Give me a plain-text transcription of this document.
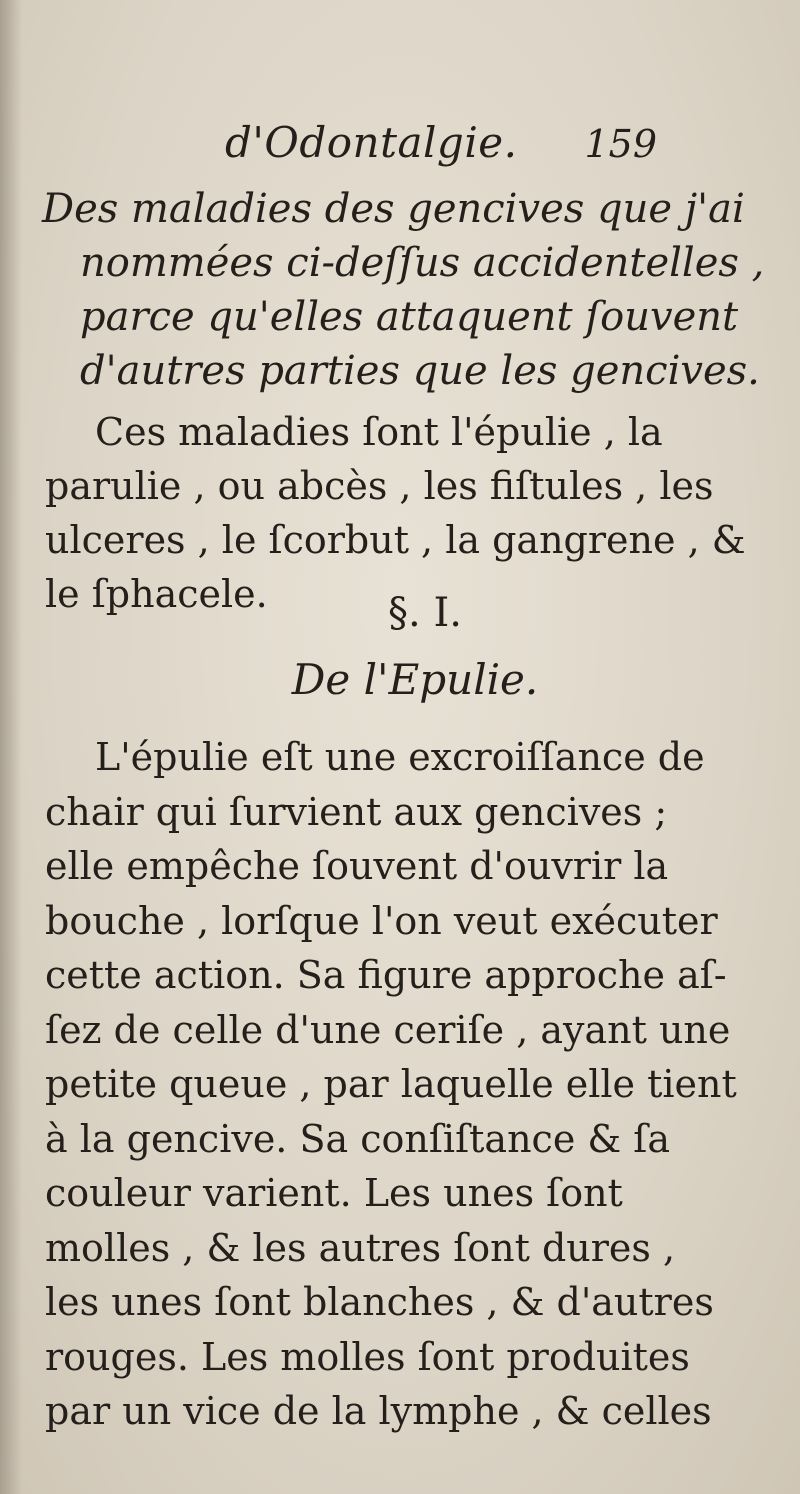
d'Odontalgie. 159
Des maladies des gencives que j'ai
nommées ci-deſſus accidentelles ,
parce qu'elles attaquent ſouvent
d'autres parties que les gencives.
Ces maladies ſont l'épulie , la
parulie , ou abcès , les fiſtules , les
ulceres , le ſcorbut , la gangrene , &
le ſphacele.	§. I.
De l'Epulie.
L'épulie eſt une excroiſſance de
chair qui ſurvient aux gencives ;
elle empêche ſouvent d'ouvrir la
bouche , lorſque l'on veut exécuter
cette action. Sa figure approche aſ-
ſez de celle d'une ceriſe , ayant une
petite queue , par laquelle elle tient
à la gencive. Sa conſiſtance & ſa
couleur varient. Les unes ſont
molles , & les autres ſont dures ,
les unes ſont blanches , & d'autres
rouges. Les molles ſont produites
par un vice de la lymphe , & celles
